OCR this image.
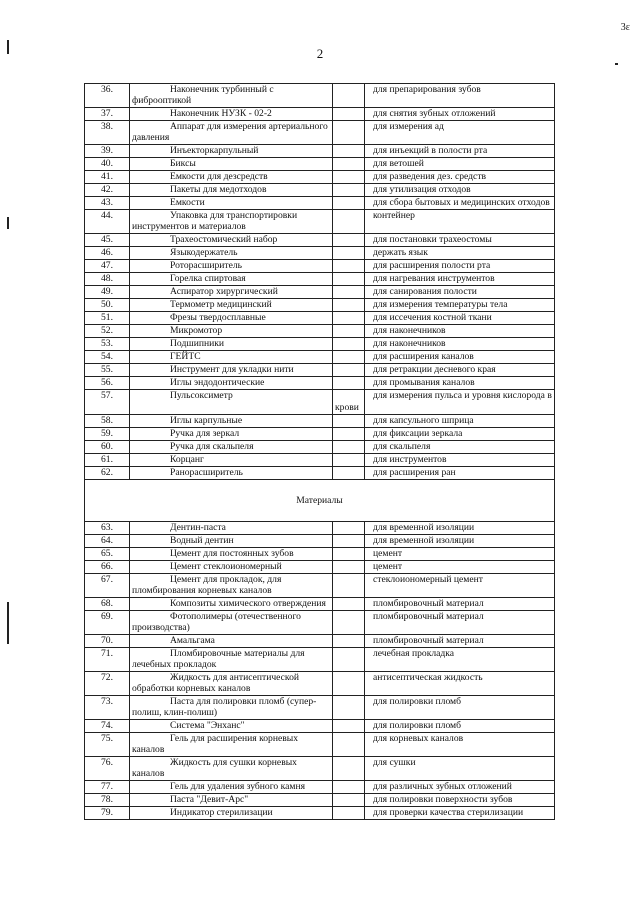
3ɛ
2
36.	Наконечник турбинный с фиброоптикой		для препарирования зубов
37.	Наконечник НУЗК - 02-2		для снятия зубных отложений
38.	Аппарат для измерения артериального давления		для измерения ад
39.	Инъекторкарпульный		для инъекций в полости рта
40.	Биксы		для ветошей
41.	Емкости для дезсредств		для разведения дез. средств
42.	Пакеты для медотходов		для утилизация отходов
43.	Емкости		для сбора бытовых и медицинских отходов
44.	Упаковка для транспортировки инструментов и материалов		контейнер
45.	Трахеостомический набор		для постановки трахеостомы
46.	Языкодержатель		держать язык
47.	Роторасширитель		для расширения полости рта
48.	Горелка спиртовая		для нагревания инструментов
49.	Аспиратор хирургический		для санирования полости
50.	Термометр медицинский		для измерения температуры тела
51.	Фрезы твердосплавные		для иссечения костной ткани
52.	Микромотор		для наконечников
53.	Подшипники		для наконечников
54.	ГЕЙТС		для расширения каналов
55.	Инструмент для укладки нити		для ретракции десневого края
56.	Иглы эндодонтические		для промывания каналов
57.	Пульсоксиметр	крови	для измерения пульса и уровня кислорода в
58.	Иглы карпульные		для капсульного шприца
59.	Ручка для зеркал		для фиксации зеркала
60.	Ручка для скальпеля		для скальпеля
61.	Корцанг		для инструментов
62.	Ранорасширитель		для расширения ран
Материалы			
63.	Дентин-паста		для временной изоляции
64.	Водный дентин		для временной изоляции
65.	Цемент для постоянных зубов		цемент
66.	Цемент стеклоиономерный		цемент
67.	Цемент для прокладок, для пломбирования корневых каналов		стеклоиономерный цемент
68.	Композиты химического отверждения		пломбировочный материал
69.	Фотополимеры (отечественного производства)		пломбировочный материал
70.	Амальгама		пломбировочный материал
71.	Пломбировочные материалы для лечебных прокладок		лечебная прокладка
72.	Жидкость для антисептической обработки корневых каналов		антисептическая жидкость
73.	Паста для полировки пломб (супер-полиш, клин-полиш)		для полировки пломб
74.	Система "Энханс"		для полировки пломб
75.	Гель для расширения корневых каналов		для корневых каналов
76.	Жидкость для сушки корневых каналов		для сушки
77.	Гель для удаления зубного камня		для различных зубных отложений
78.	Паста "Девит-Арс"		для полировки поверхности зубов
79.	Индикатор стерилизации		для проверки качества стерилизации
